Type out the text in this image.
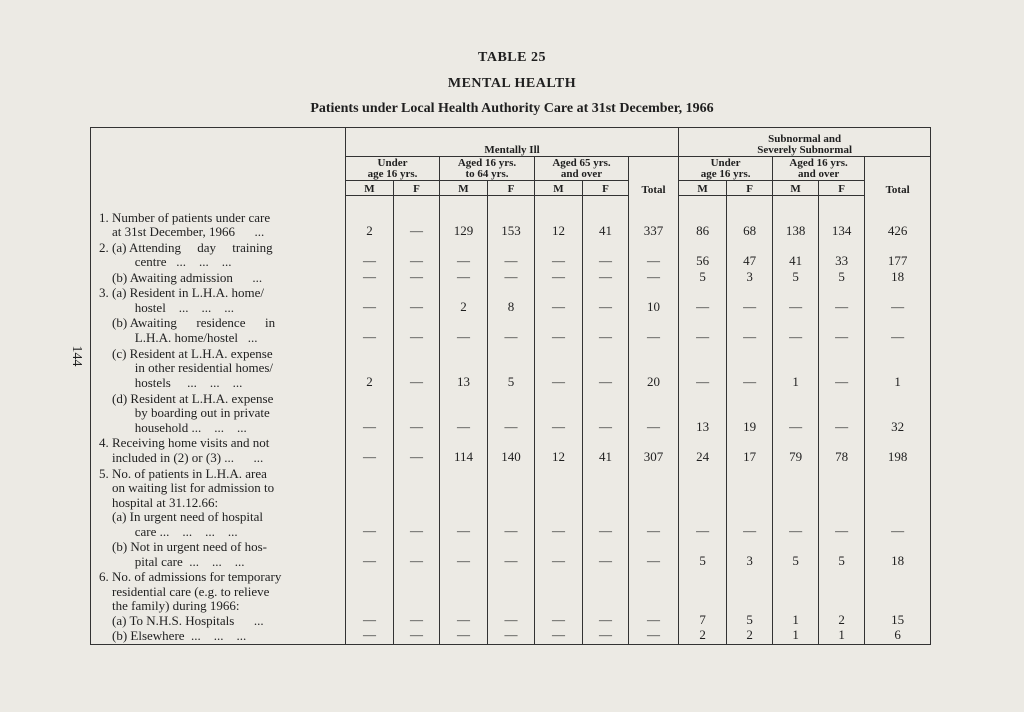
TABLE 25
MENTAL HEALTH
Patients under Local Health Authority Care at 31st December, 1966
144
	Mentally Ill							Subnormal and
Severely Subnormal				
	Under
age 16 yrs.		Aged 16 yrs.
to 64 yrs.		Aged 65 yrs.
and over		Total	Under
age 16 yrs.		Aged 16 yrs.
and over		Total
	M	F	M	F	M	F		M	F	M	F	
1. Number of patients under care
at 31st December, 1966      ...	2	—	129	153	12	41	337	86	68	138	134	426
2. (a) Attending     day     training
centre   ...    ...    ...	—	—	—	—	—	—	—	56	47	41	33	177
(b) Awaiting admission      ...	—	—	—	—	—	—	—	5	3	5	5	18
3. (a) Resident in L.H.A. home/
hostel    ...    ...    ...	—	—	2	8	—	—	10	—	—	—	—	—
(b) Awaiting      residence      in
L.H.A. home/hostel   ...	—	—	—	—	—	—	—	—	—	—	—	—
(c) Resident at L.H.A. expense
in other residential homes/
hostels     ...    ...    ...	2	—	13	5	—	—	20	—	—	1	—	1
(d) Resident at L.H.A. expense
by boarding out in private
household ...    ...    ...	—	—	—	—	—	—	—	13	19	—	—	32
4. Receiving home visits and not
included in (2) or (3) ...      ...	—	—	114	140	12	41	307	24	17	79	78	198
5. No. of patients in L.H.A. area
on waiting list for admission to
hospital at 31.12.66:
(a) In urgent need of hospital
care ...    ...    ...    ...	—	—	—	—	—	—	—	—	—	—	—	—
(b) Not in urgent need of hos-
pital care  ...    ...    ...	—	—	—	—	—	—	—	5	3	5	5	18
6. No. of admissions for temporary
residential care (e.g. to relieve
the family) during 1966:
(a) To N.H.S. Hospitals      ...	—	—	—	—	—	—	—	7	5	1	2	15
(b) Elsewhere  ...    ...    ...	—	—	—	—	—	—	—	2	2	1	1	6
